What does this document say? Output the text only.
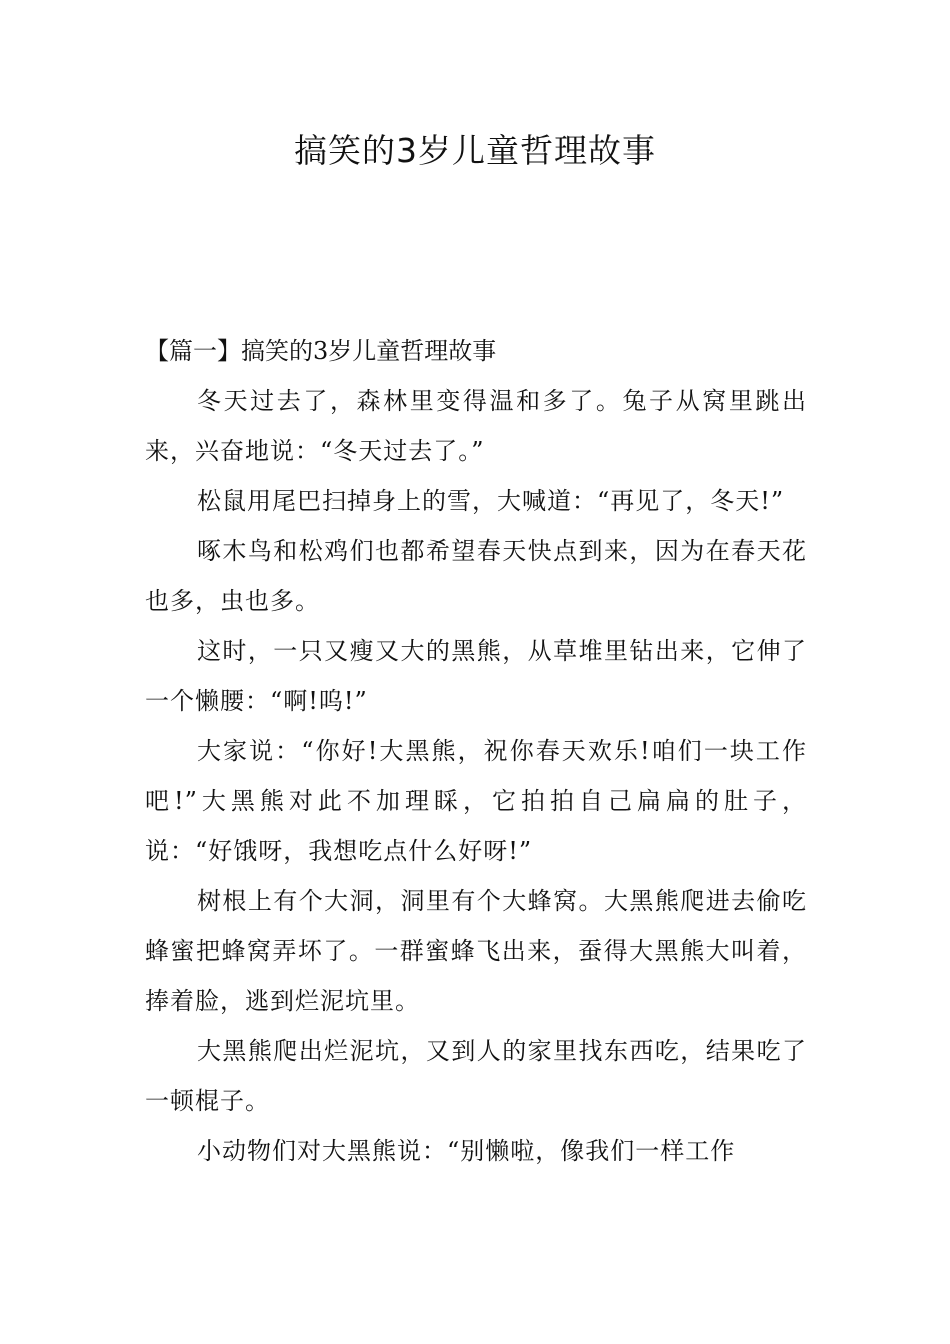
搞笑的3岁儿童哲理故事

【篇一】搞笑的3岁儿童哲理故事

冬天过去了，森林里变得温和多了。兔子从窝里跳出来，兴奋地说：“冬天过去了。”

松鼠用尾巴扫掉身上的雪，大喊道：“再见了，冬天!”

啄木鸟和松鸡们也都希望春天快点到来，因为在春天花也多，虫也多。

这时，一只又瘦又大的黑熊，从草堆里钻出来，它伸了一个懒腰：“啊!呜!”

大家说：“你好!大黑熊，祝你春天欢乐!咱们一块工作吧!”大黑熊对此不加理睬，它拍拍自己扁扁的肚子，说：“好饿呀，我想吃点什么好呀!”

树根上有个大洞，洞里有个大蜂窝。大黑熊爬进去偷吃蜂蜜把蜂窝弄坏了。一群蜜蜂飞出来，蚕得大黑熊大叫着，捧着脸，逃到烂泥坑里。

大黑熊爬出烂泥坑，又到人的家里找东西吃，结果吃了一顿棍子。

小动物们对大黑熊说：“别懒啦，像我们一样工作
